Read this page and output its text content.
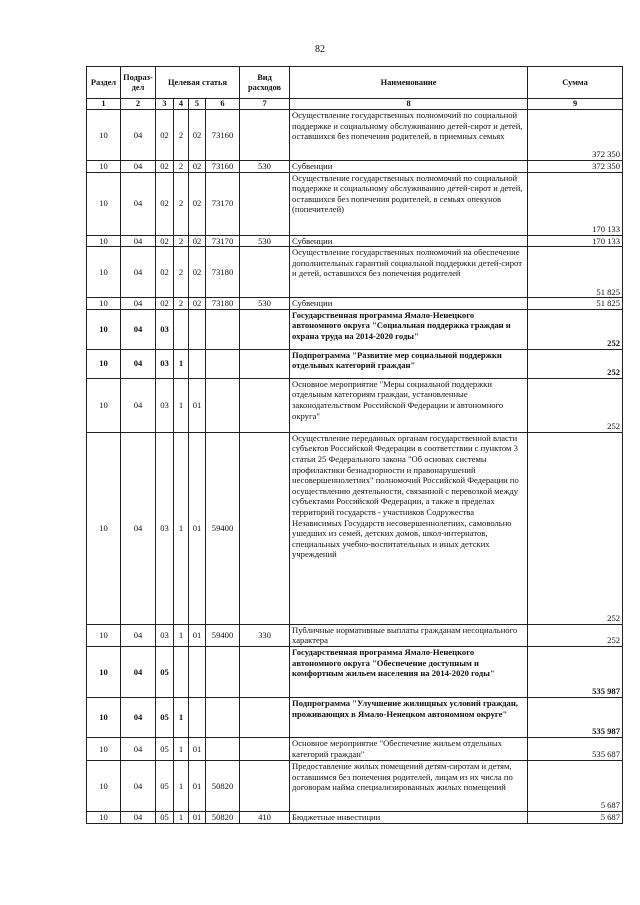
82
Раздел	Подраз-дел	Целевая статья				Вид расходов	Наименование	Сумма
1	2	3	4	5	6	7	8	9
10	04	02	2	02	73160		Осуществление государственных полномочий по социальной поддержке и социальному обслуживанию детей-сирот и детей, оставшихся без попечения родителей, в приемных семьях	372 350
10	04	02	2	02	73160	530	Субвенции	372 350
10	04	02	2	02	73170		Осуществление государственных полномочий по социальной поддержке и социальному обслуживанию детей-сирот и детей, оставшихся без попечения родителей, в семьях опекунов (попечителей)	170 133
10	04	02	2	02	73170	530	Субвенции	170 133
10	04	02	2	02	73180		Осуществление государственных полномочий на обеспечение дополнительных гарантий социальной поддержки детей-сирот и детей, оставшихся без попечения родителей	51 825
10	04	02	2	02	73180	530	Субвенции	51 825
10	04	03					Государственная программа Ямало-Ненецкого автономного округа "Социальная поддержка граждан и охрана труда на 2014-2020 годы"	252
10	04	03	1				Подпрограмма "Развитие мер социальной поддержки отдельных категорий граждан"	252
10	04	03	1	01			Основное мероприятие "Меры социальной поддержки отдельным категориям граждан, установленные законодательством Российской Федерации и автономного округа"	252
10	04	03	1	01	59400		Осуществление переданных органам государственной власти субъектов Российской Федерации в соответствии с пунктом 3 статьи 25 Федерального закона "Об основах системы профилактики безнадзорности и правонарушений несовершеннолетних" полномочий Российской Федерации по осуществлению деятельности, связанной с перевозкой между субъектами Российской Федерации, а также в пределах территорий государств - участников Содружества Независимых Государств несовершеннолетних, самовольно ушедших из семей, детских домов, школ-интернатов, специальных учебно-воспитательных и иных детских учреждений	252
10	04	03	1	01	59400	330	Публичные нормативные выплаты гражданам несоциального характера	252
10	04	05					Государственная программа Ямало-Ненецкого автономного округа "Обеспечение доступным и комфортным жильем населения на 2014-2020 годы"	535 987
10	04	05	1				Подпрограмма "Улучшение жилищных условий граждан, проживающих в Ямало-Ненецком автономном округе"	535 987
10	04	05	1	01			Основное мероприятие "Обеспечение жильем отдельных категорий граждан"	535 687
10	04	05	1	01	50820		Предоставление жилых помещений детям-сиротам и детям, оставшимся без попечения родителей, лицам из их числа по договорам найма специализированных жилых помещений	5 687
10	04	05	1	01	50820	410	Бюджетные инвестиции	5 687
